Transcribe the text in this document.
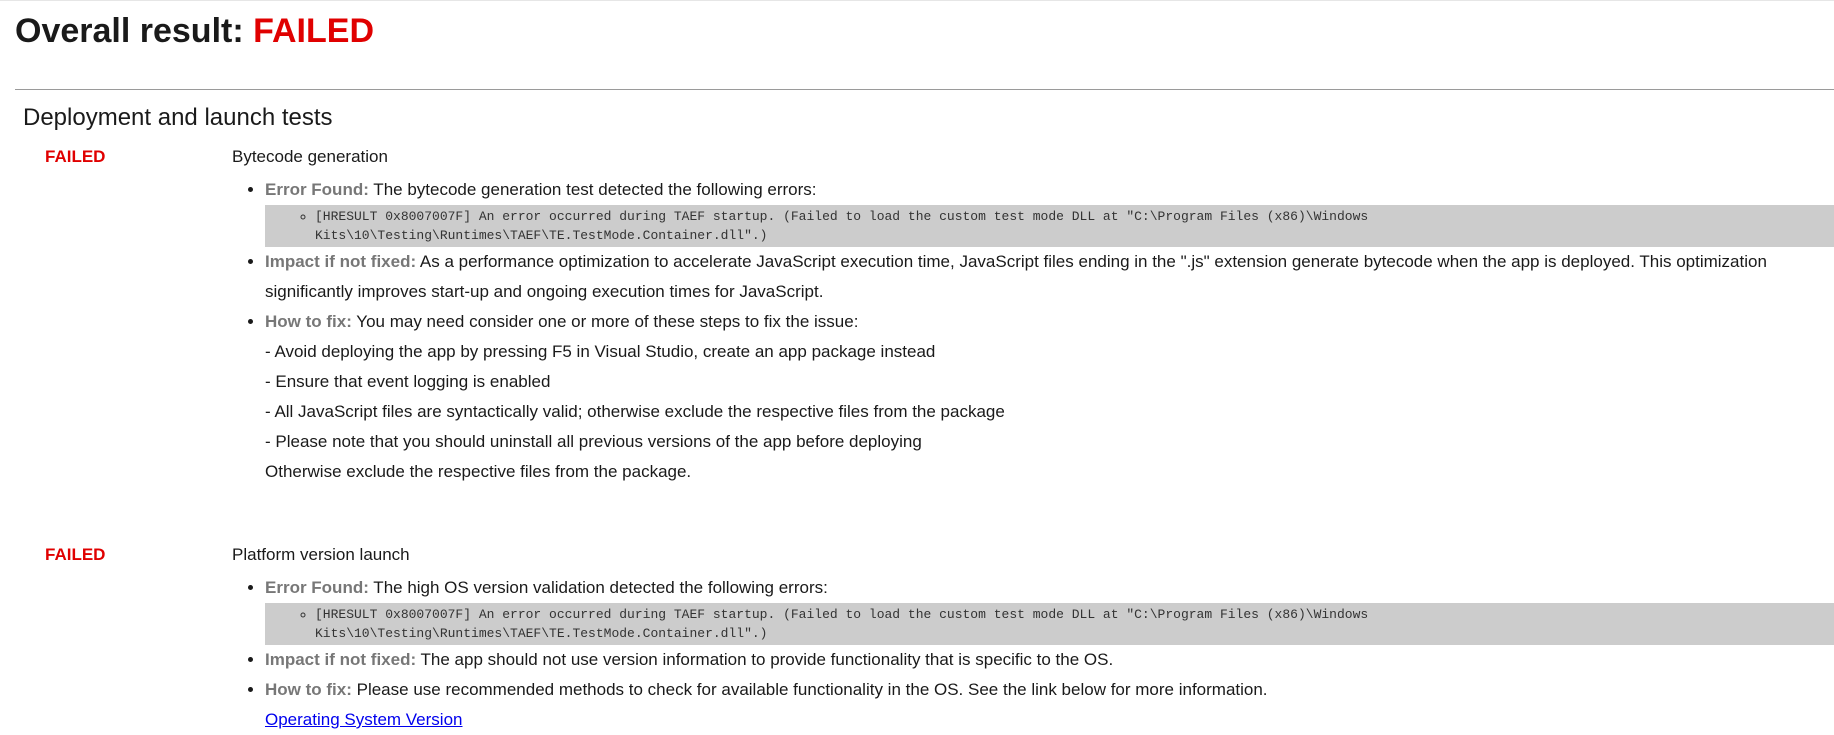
Overall result: FAILED
Deployment and launch tests
FAILED	Bytecode generation
• Error Found: The bytecode generation test detected the following errors:
◦ [HRESULT 0x8007007F] An error occurred during TAEF startup. (Failed to load the custom test mode DLL at "C:\Program Files (x86)\Windows Kits\10\Testing\Runtimes\TAEF\TE.TestMode.Container.dll".)
• Impact if not fixed: As a performance optimization to accelerate JavaScript execution time, JavaScript files ending in the ".js" extension generate bytecode when the app is deployed. This optimization significantly improves start-up and ongoing execution times for JavaScript.
• How to fix: You may need consider one or more of these steps to fix the issue:
- Avoid deploying the app by pressing F5 in Visual Studio, create an app package instead
- Ensure that event logging is enabled
- All JavaScript files are syntactically valid; otherwise exclude the respective files from the package
- Please note that you should uninstall all previous versions of the app before deploying
Otherwise exclude the respective files from the package.
FAILED	Platform version launch
• Error Found: The high OS version validation detected the following errors:
◦ [HRESULT 0x8007007F] An error occurred during TAEF startup. (Failed to load the custom test mode DLL at "C:\Program Files (x86)\Windows Kits\10\Testing\Runtimes\TAEF\TE.TestMode.Container.dll".)
• Impact if not fixed: The app should not use version information to provide functionality that is specific to the OS.
• How to fix: Please use recommended methods to check for available functionality in the OS. See the link below for more information.
Operating System Version
